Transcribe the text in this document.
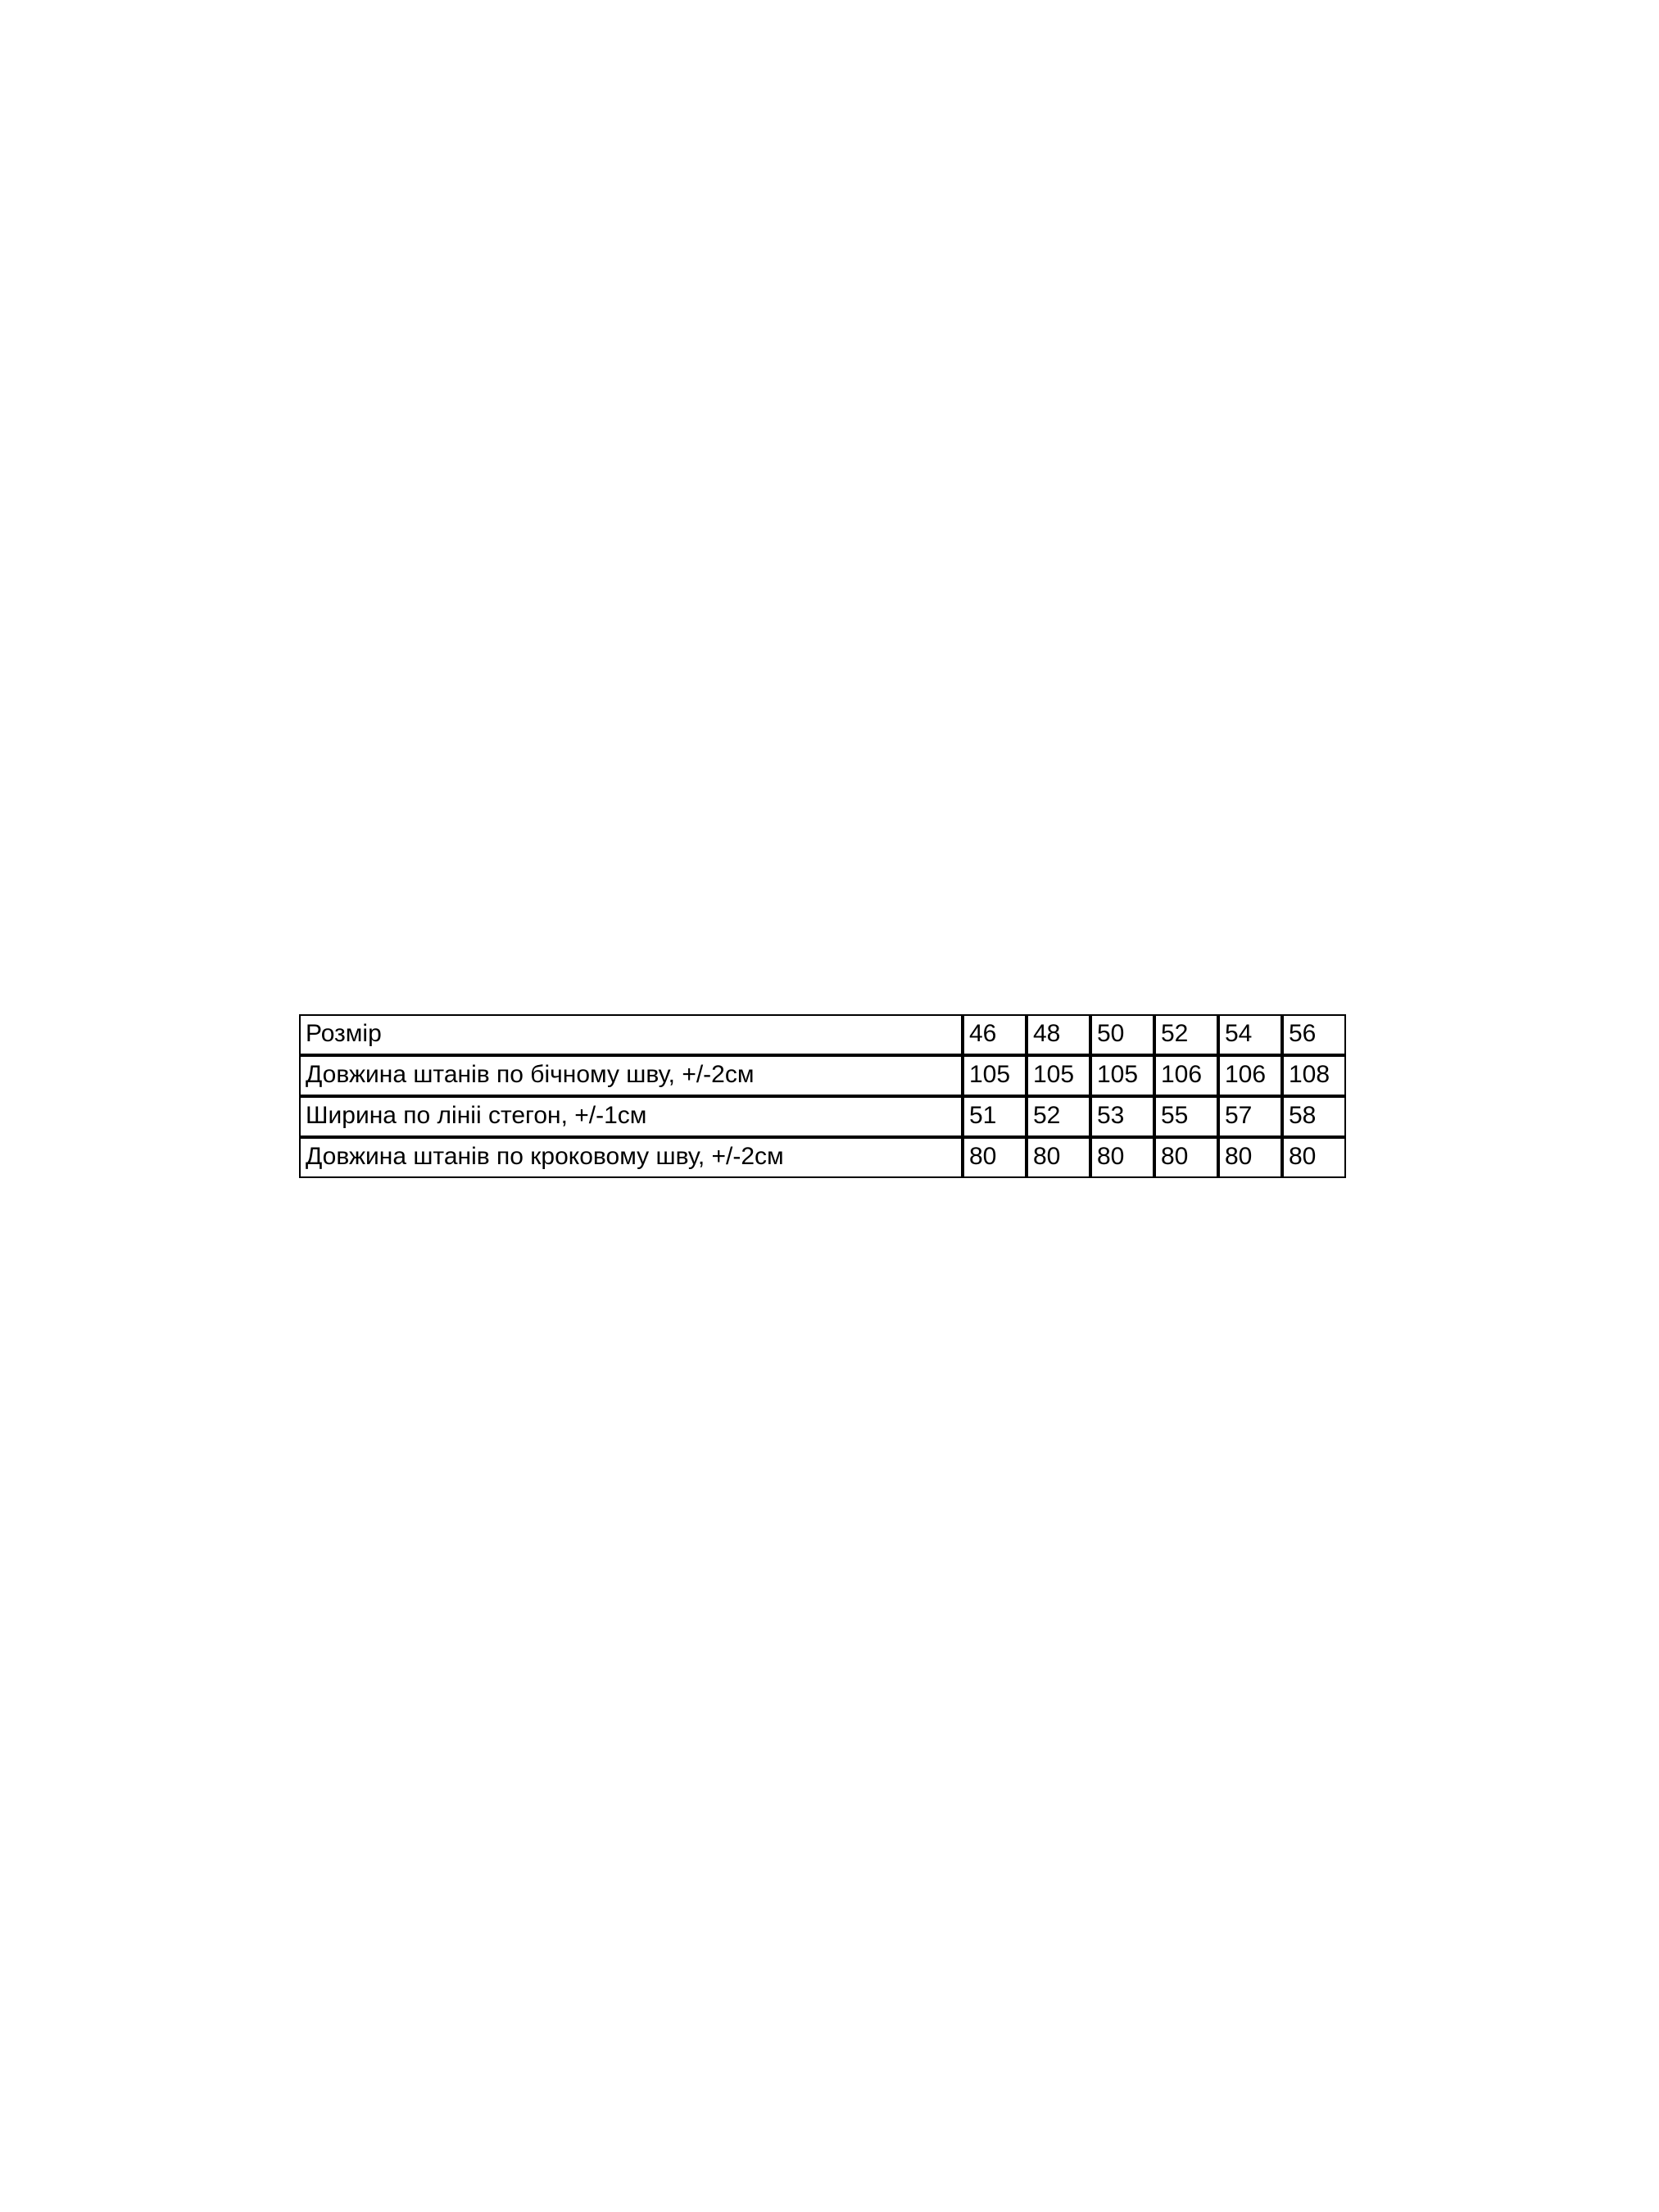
Розмір	46	48	50	52	54	56
Довжина штанів по бічному шву, +/-2см	105	105	105	106	106	108
Ширина по лініі стегон, +/-1см	51	52	53	55	57	58
Довжина штанів по кроковому шву, +/-2см	80	80	80	80	80	80
